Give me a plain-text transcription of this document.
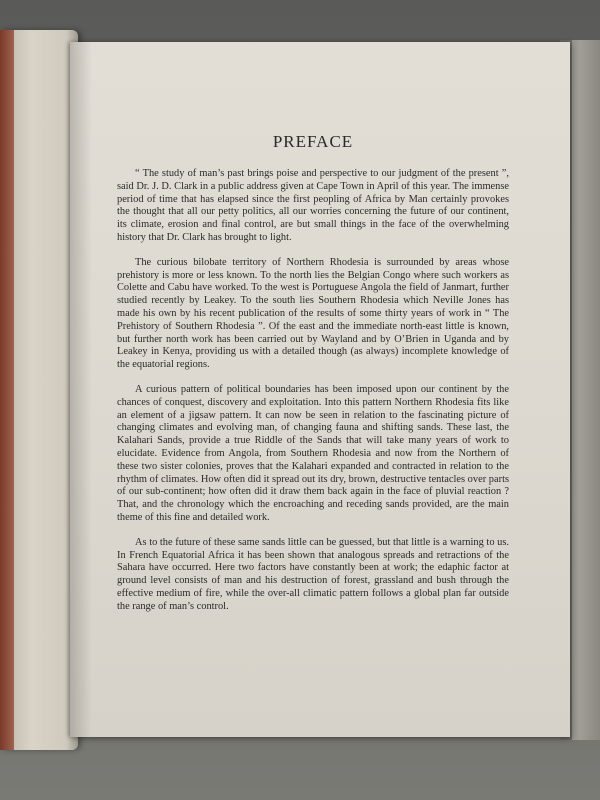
PREFACE

“ The study of man’s past brings poise and perspective to our judgment of the present ”, said Dr. J. D. Clark in a public address given at Cape Town in April of this year. The immense period of time that has elapsed since the first peopling of Africa by Man certainly provokes the thought that all our petty politics, all our worries concerning the future of our continent, its climate, erosion and final control, are but small things in the face of the overwhelming history that Dr. Clark has brought to light.

The curious bilobate territory of Northern Rhodesia is surrounded by areas whose prehistory is more or less known. To the north lies the Belgian Congo where such workers as Colette and Cabu have worked. To the west is Portuguese Angola the field of Janmart, further studied recently by Leakey. To the south lies Southern Rhodesia which Neville Jones has made his own by his recent publication of the results of some thirty years of work in “ The Prehistory of Southern Rhodesia ”. Of the east and the immediate north-east little is known, but further north work has been carried out by Wayland and by O’Brien in Uganda and by Leakey in Kenya, providing us with a detailed though (as always) incomplete knowledge of the equatorial regions.

A curious pattern of political boundaries has been imposed upon our continent by the chances of conquest, discovery and exploitation. Into this pattern Northern Rhodesia fits like an element of a jigsaw pattern. It can now be seen in relation to the fascinating picture of changing climates and evolving man, of changing fauna and shifting sands. These last, the Kalahari Sands, provide a true Riddle of the Sands that will take many years of work to elucidate. Evidence from Angola, from Southern Rhodesia and now from the Northern of these two sister colonies, proves that the Kalahari expanded and contracted in relation to the rhythm of climates. How often did it spread out its dry, brown, destructive tentacles over parts of our sub-continent; how often did it draw them back again in the face of pluvial reaction ? That, and the chronology which the encroaching and receding sands provided, are the main theme of this fine and detailed work.

As to the future of these same sands little can be guessed, but that little is a warning to us. In French Equatorial Africa it has been shown that analogous spreads and retractions of the Sahara have occurred. Here two factors have constantly been at work; the edaphic factor at ground level consists of man and his destruction of forest, grassland and bush through the effective medium of fire, while the over-all climatic pattern follows a global plan far outside the range of man’s control.
